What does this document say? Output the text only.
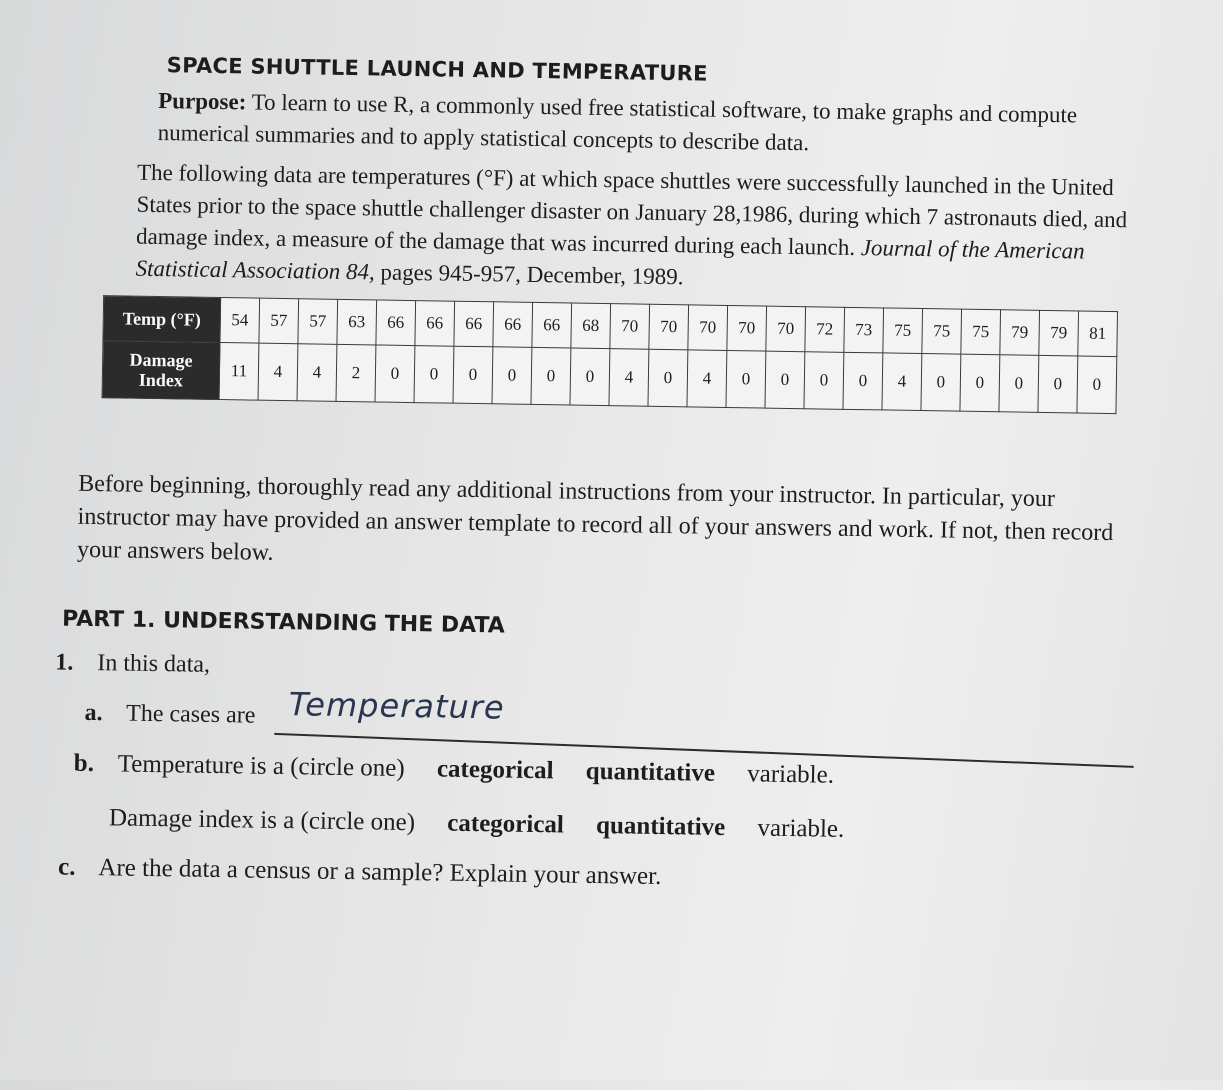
SPACE SHUTTLE LAUNCH AND TEMPERATURE
Purpose: To learn to use R, a commonly used free statistical software, to make graphs and compute numerical summaries and to apply statistical concepts to describe data.
The following data are temperatures (°F) at which space shuttles were successfully launched in the United States prior to the space shuttle challenger disaster on January 28,1986, during which 7 astronauts died, and damage index, a measure of the damage that was incurred during each launch. Journal of the American Statistical Association 84, pages 945-957, December, 1989.
Temp (°F)	54	57	57	63	66	66	66	66	66	68	70	70	70	70	70	72	73	75	75	75	79	79	81
Damage Index	11	4	4	2	0	0	0	0	0	0	4	0	4	0	0	0	0	4	0	0	0	0	0
Before beginning, thoroughly read any additional instructions from your instructor. In particular, your instructor may have provided an answer template to record all of your answers and work. If not, then record your answers below.
PART 1. UNDERSTANDING THE DATA
1. In this data,
a. The cases are Temperature
b. Temperature is a (circle one) categorical quantitative variable.
Damage index is a (circle one) categorical quantitative variable.
c. Are the data a census or a sample? Explain your answer.
